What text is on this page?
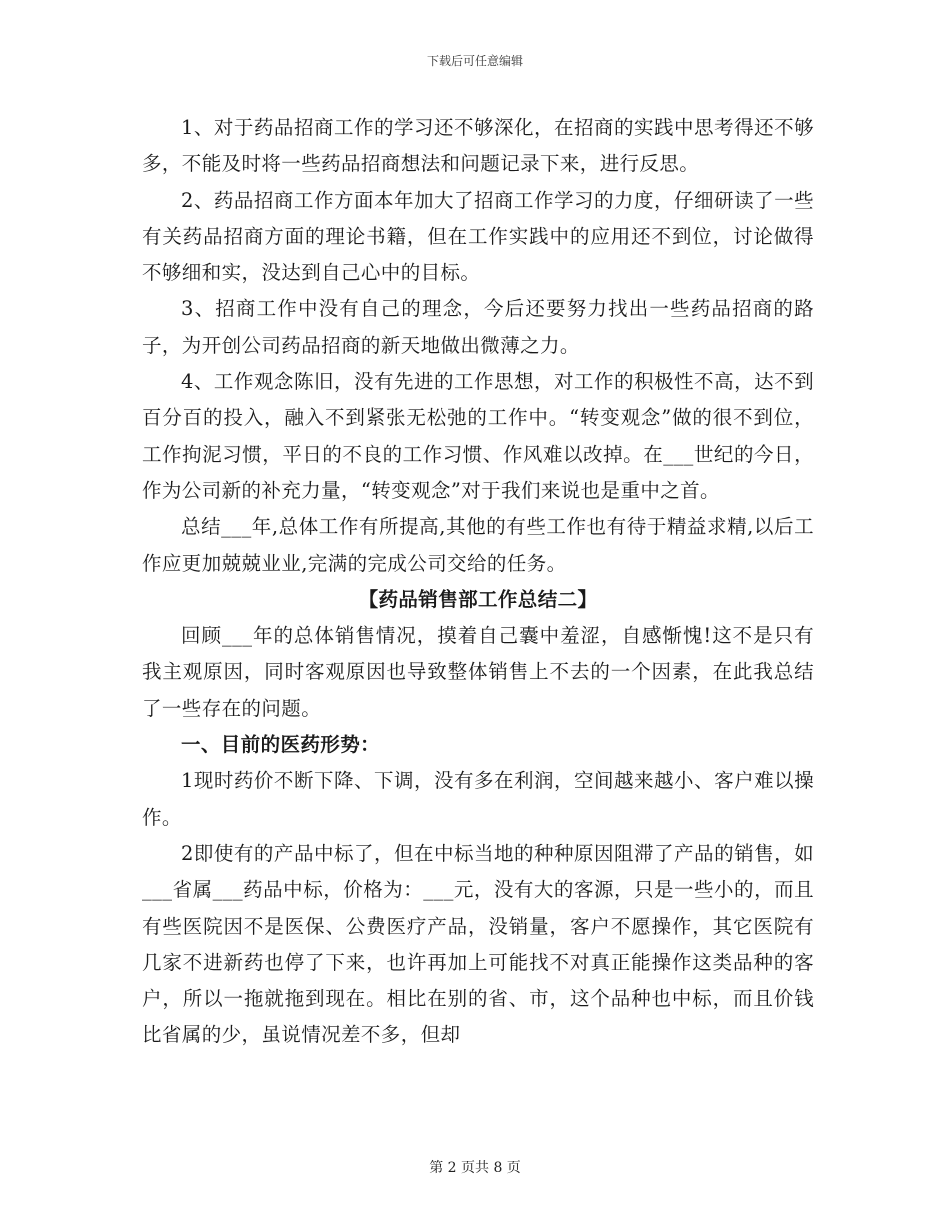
下载后可任意编辑

1、对于药品招商工作的学习还不够深化，在招商的实践中思考得还不够多，不能及时将一些药品招商想法和问题记录下来，进行反思。

2、药品招商工作方面本年加大了招商工作学习的力度，仔细研读了一些有关药品招商方面的理论书籍，但在工作实践中的应用还不到位，讨论做得不够细和实，没达到自己心中的目标。

3、招商工作中没有自己的理念，今后还要努力找出一些药品招商的路子，为开创公司药品招商的新天地做出微薄之力。

4、工作观念陈旧，没有先进的工作思想，对工作的积极性不高，达不到百分百的投入，融入不到紧张无松弛的工作中。“转变观念”做的很不到位，工作拘泥习惯，平日的不良的工作习惯、作风难以改掉。在___世纪的今日，作为公司新的补充力量，“转变观念”对于我们来说也是重中之首。

总结___年,总体工作有所提高,其他的有些工作也有待于精益求精,以后工作应更加兢兢业业,完满的完成公司交给的任务。

【药品销售部工作总结二】

回顾___年的总体销售情况，摸着自己囊中羞涩，自感惭愧!这不是只有我主观原因，同时客观原因也导致整体销售上不去的一个因素，在此我总结了一些存在的问题。

一、目前的医药形势：

1现时药价不断下降、下调，没有多在利润，空间越来越小、客户难以操作。

2即使有的产品中标了，但在中标当地的种种原因阻滞了产品的销售，如___省属___药品中标，价格为：___元，没有大的客源，只是一些小的，而且有些医院因不是医保、公费医疗产品，没销量，客户不愿操作，其它医院有几家不进新药也停了下来，也许再加上可能找不对真正能操作这类品种的客户，所以一拖就拖到现在。相比在别的省、市，这个品种也中标，而且价钱比省属的少，虽说情况差不多，但却

第 2 页共 8 页
